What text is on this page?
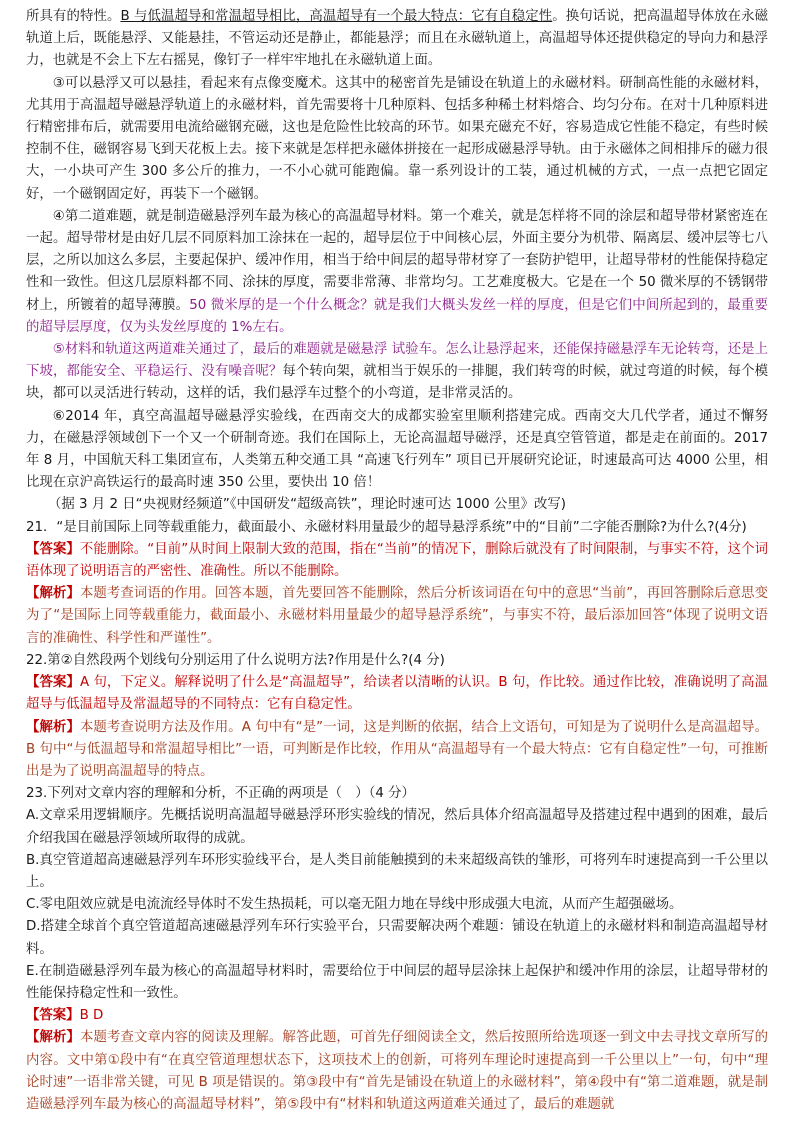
所具有的特性。B 与低温超导和常温超导相比，高温超导有一个最大特点：它有自稳定性。换句话说，把高温超导体放在永磁轨道上后，既能悬浮、又能悬挂，不管运动还是静止，都能悬浮；而且在永磁轨道上，高温超导体还提供稳定的导向力和悬浮力，也就是不会上下左右摇晃，像钉子一样牢牢地扎在永磁轨道上面。

③可以悬浮又可以悬挂，看起来有点像变魔术。这其中的秘密首先是铺设在轨道上的永磁材料。研制高性能的永磁材料，尤其用于高温超导磁悬浮轨道上的永磁材料，首先需要将十几种原料、包括多种稀土材料熔合、均匀分布。在对十几种原料进行精密排布后，就需要用电流给磁钢充磁，这也是危险性比较高的环节。如果充磁充不好，容易造成它性能不稳定，有些时候控制不住，磁钢容易飞到天花板上去。接下来就是怎样把永磁体拼接在一起形成磁悬浮导轨。由于永磁体之间相排斥的磁力很大，一小块可产生 300 多公斤的推力，一不小心就可能跑偏。靠一系列设计的工装，通过机械的方式，一点一点把它固定好，一个磁钢固定好，再装下一个磁钢。

④第二道难题，就是制造磁悬浮列车最为核心的高温超导材料。第一个难关，就是怎样将不同的涂层和超导带材紧密连在一起。超导带材是由好几层不同原料加工涂抹在一起的，超导层位于中间核心层，外面主要分为机带、隔离层、缓冲层等七八层，之所以加这么多层，主要起保护、缓冲作用，相当于给中间层的超导带材穿了一套防护铠甲，让超导带材的性能保持稳定性和一致性。但这几层原料都不同、涂抹的厚度，需要非常薄、非常均匀。工艺难度极大。它是在一个 50 微米厚的不锈钢带材上，所镀着的超导薄膜。50 微米厚的是一个什么概念？就是我们大概头发丝一样的厚度，但是它们中间所起到的，最重要的超导层厚度，仅为头发丝厚度的 1%左右。

⑤材料和轨道这两道难关通过了，最后的难题就是磁悬浮 试验车。怎么让悬浮起来，还能保持磁悬浮车无论转弯，还是上下坡，都能安全、平稳运行、没有噪音呢？每个转向架，就相当于娱乐的一排腿，我们转弯的时候，就过弯道的时候，每个模块，都可以灵活进行转动，这样的话，我们悬浮车过整个的小弯道，是非常灵活的。

⑥2014 年，真空高温超导磁悬浮实验线，在西南交大的成都实验室里顺利搭建完成。西南交大几代学者，通过不懈努力，在磁悬浮领域创下一个又一个研制奇迹。我们在国际上，无论高温超导磁浮，还是真空管管道，都是走在前面的。2017 年 8 月，中国航天科工集团宣布，人类第五种交通工具 “高速飞行列车” 项目已开展研究论证，时速最高可达 4000 公里，相比现在京沪高铁运行的最高时速 350 公里，要快出 10 倍！

（据 3 月 2 日“央视财经频道”《中国研发“超级高铁”，理论时速可达 1000 公里》改写)

21．“是目前国际上同等载重能力，截面最小、永磁材料用量最少的超导悬浮系统”中的“目前”二字能否删除?为什么?(4分)

【答案】不能删除。“目前”从时间上限制大致的范围，指在“当前”的情况下，删除后就没有了时间限制，与事实不符，这个词语体现了说明语言的严密性、准确性。所以不能删除。

【解析】本题考查词语的作用。回答本题，首先要回答不能删除，然后分析该词语在句中的意思“当前”，再回答删除后意思变为了“是国际上同等载重能力，截面最小、永磁材料用量最少的超导悬浮系统”，与事实不符，最后添加回答“体现了说明文语言的准确性、科学性和严谨性”。

22.第②自然段两个划线句分别运用了什么说明方法?作用是什么?(4 分)

【答案】A 句，下定义。解释说明了什么是“高温超导”，给读者以清晰的认识。B 句，作比较。通过作比较，准确说明了高温超导与低温超导及常温超导的不同特点：它有自稳定性。

【解析】本题考查说明方法及作用。A 句中有“是”一词，这是判断的依据，结合上文语句，可知是为了说明什么是高温超导。B 句中“与低温超导和常温超导相比”一语，可判断是作比较，作用从“高温超导有一个最大特点：它有自稳定性”一句，可推断出是为了说明高温超导的特点。

23.下列对文章内容的理解和分析，不正确的两项是（　）（4 分）

A.文章采用逻辑顺序。先概括说明高温超导磁悬浮环形实验线的情况，然后具体介绍高温超导及搭建过程中遇到的困难，最后介绍我国在磁悬浮领域所取得的成就。

B.真空管道超高速磁悬浮列车环形实验线平台，是人类目前能触摸到的未来超级高铁的雏形，可将列车时速提高到一千公里以上。

C.零电阻效应就是电流流经导体时不发生热损耗，可以毫无阻力地在导线中形成强大电流，从而产生超强磁场。

D.搭建全球首个真空管道超高速磁悬浮列车环行实验平台，只需要解决两个难题：铺设在轨道上的永磁材料和制造高温超导材料。

E.在制造磁悬浮列车最为核心的高温超导材料时，需要给位于中间层的超导层涂抹上起保护和缓冲作用的涂层，让超导带材的性能保持稳定性和一致性。

【答案】B D

【解析】本题考查文章内容的阅读及理解。解答此题，可首先仔细阅读全文，然后按照所给选项逐一到文中去寻找文章所写的内容。文中第①段中有“在真空管道理想状态下，这项技术上的创新，可将列车理论时速提高到一千公里以上”一句，句中“理论时速”一语非常关键，可见 B 项是错误的。第③段中有“首先是铺设在轨道上的永磁材料”，第④段中有“第二道难题，就是制造磁悬浮列车最为核心的高温超导材料”，第⑤段中有“材料和轨道这两道难关通过了，最后的难题就
